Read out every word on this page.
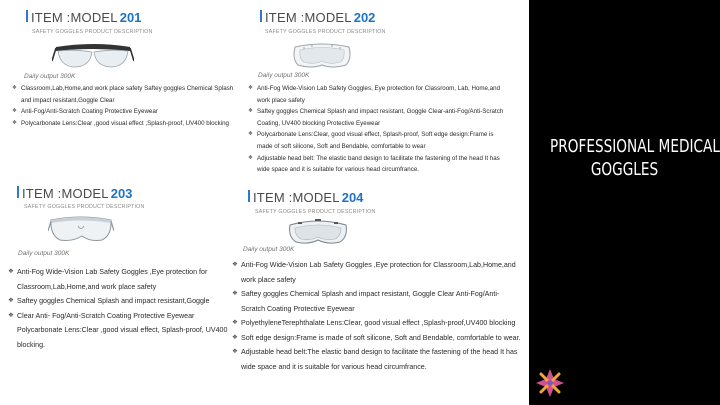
ITEM :MODEL 201
SAFETY GOGGLES PRODUCT DESCRIPTION
Daily output 300K
❖ Classroom,Lab,Home,and work place safety Saftey goggles Chemical Splash and impact resistant,Goggle Clear
❖ Anti-Fog/Anti-Scratch Coating Protective Eyewear
❖ Polycarbonate Lens:Clear ,good visual effect ,Splash-proof, UV400 blocking
ITEM :MODEL 202
SAFETY GOGGLES PRODUCT DESCRIPTION
Daily output 300K
❖ Anti-Fog Wide-Vision Lab Safety Goggles, Eye protection for Classroom, Lab, Home,and work place safety
❖ Saftey goggles Chemical Splash and impact resistant, Goggle Clear-anti-Fog/Anti-Scratch Coating, UV400 blocking Protective Eyewear
❖ Polycarbonate Lens:Clear, good visual effect, Splash-proof, Soft edge design:Frame is made of soft silicone, Soft and Bendable, comfortable to wear
❖ Adjustable head belt: The elastic band design to facilitate the fastening of the head It has wide space and it is suitable for various head circumfrance.
ITEM :MODEL 203
SAFETY GOGGLES PRODUCT DESCRIPTION
Daily output 300K
❖ Anti-Fog Wide-Vision Lab Safety Goggles ,Eye protection for Classroom,Lab,Home,and work place safety
❖ Saftey goggles Chemical Splash and impact resistant,Goggle
❖ Clear Anti- Fog/Anti-Scratch Coating Protective Eyewear Polycarbonate Lens:Clear ,good visual effect, Splash-proof, UV400 blocking.
ITEM :MODEL 204
SAFETY GOGGLES PRODUCT DESCRIPTION
Daily output 300K
❖ Anti-Fog Wide-Vision Lab Safety Goggles ,Eye protection for Classroom,Lab,Home,and work place safety
❖ Saftey goggles Chemical Splash and impact resistant, Goggle Clear Anti-Fog/Anti-Scratch Coating Protective Eyewear
❖ PolyethyleneTerephthalate Lens:Clear, good visual effect ,Splash-proof,UV400 blocking
❖ Soft edge design:Frame is made of soft silicone, Soft and Bendable, comfortable to wear.
❖ Adjustable head belt:The elastic band design to facilitate the fastening of the head It has wide space and it is suitable for various head circumfrance.
PROFESSIONAL MEDICAL
GOGGLES
